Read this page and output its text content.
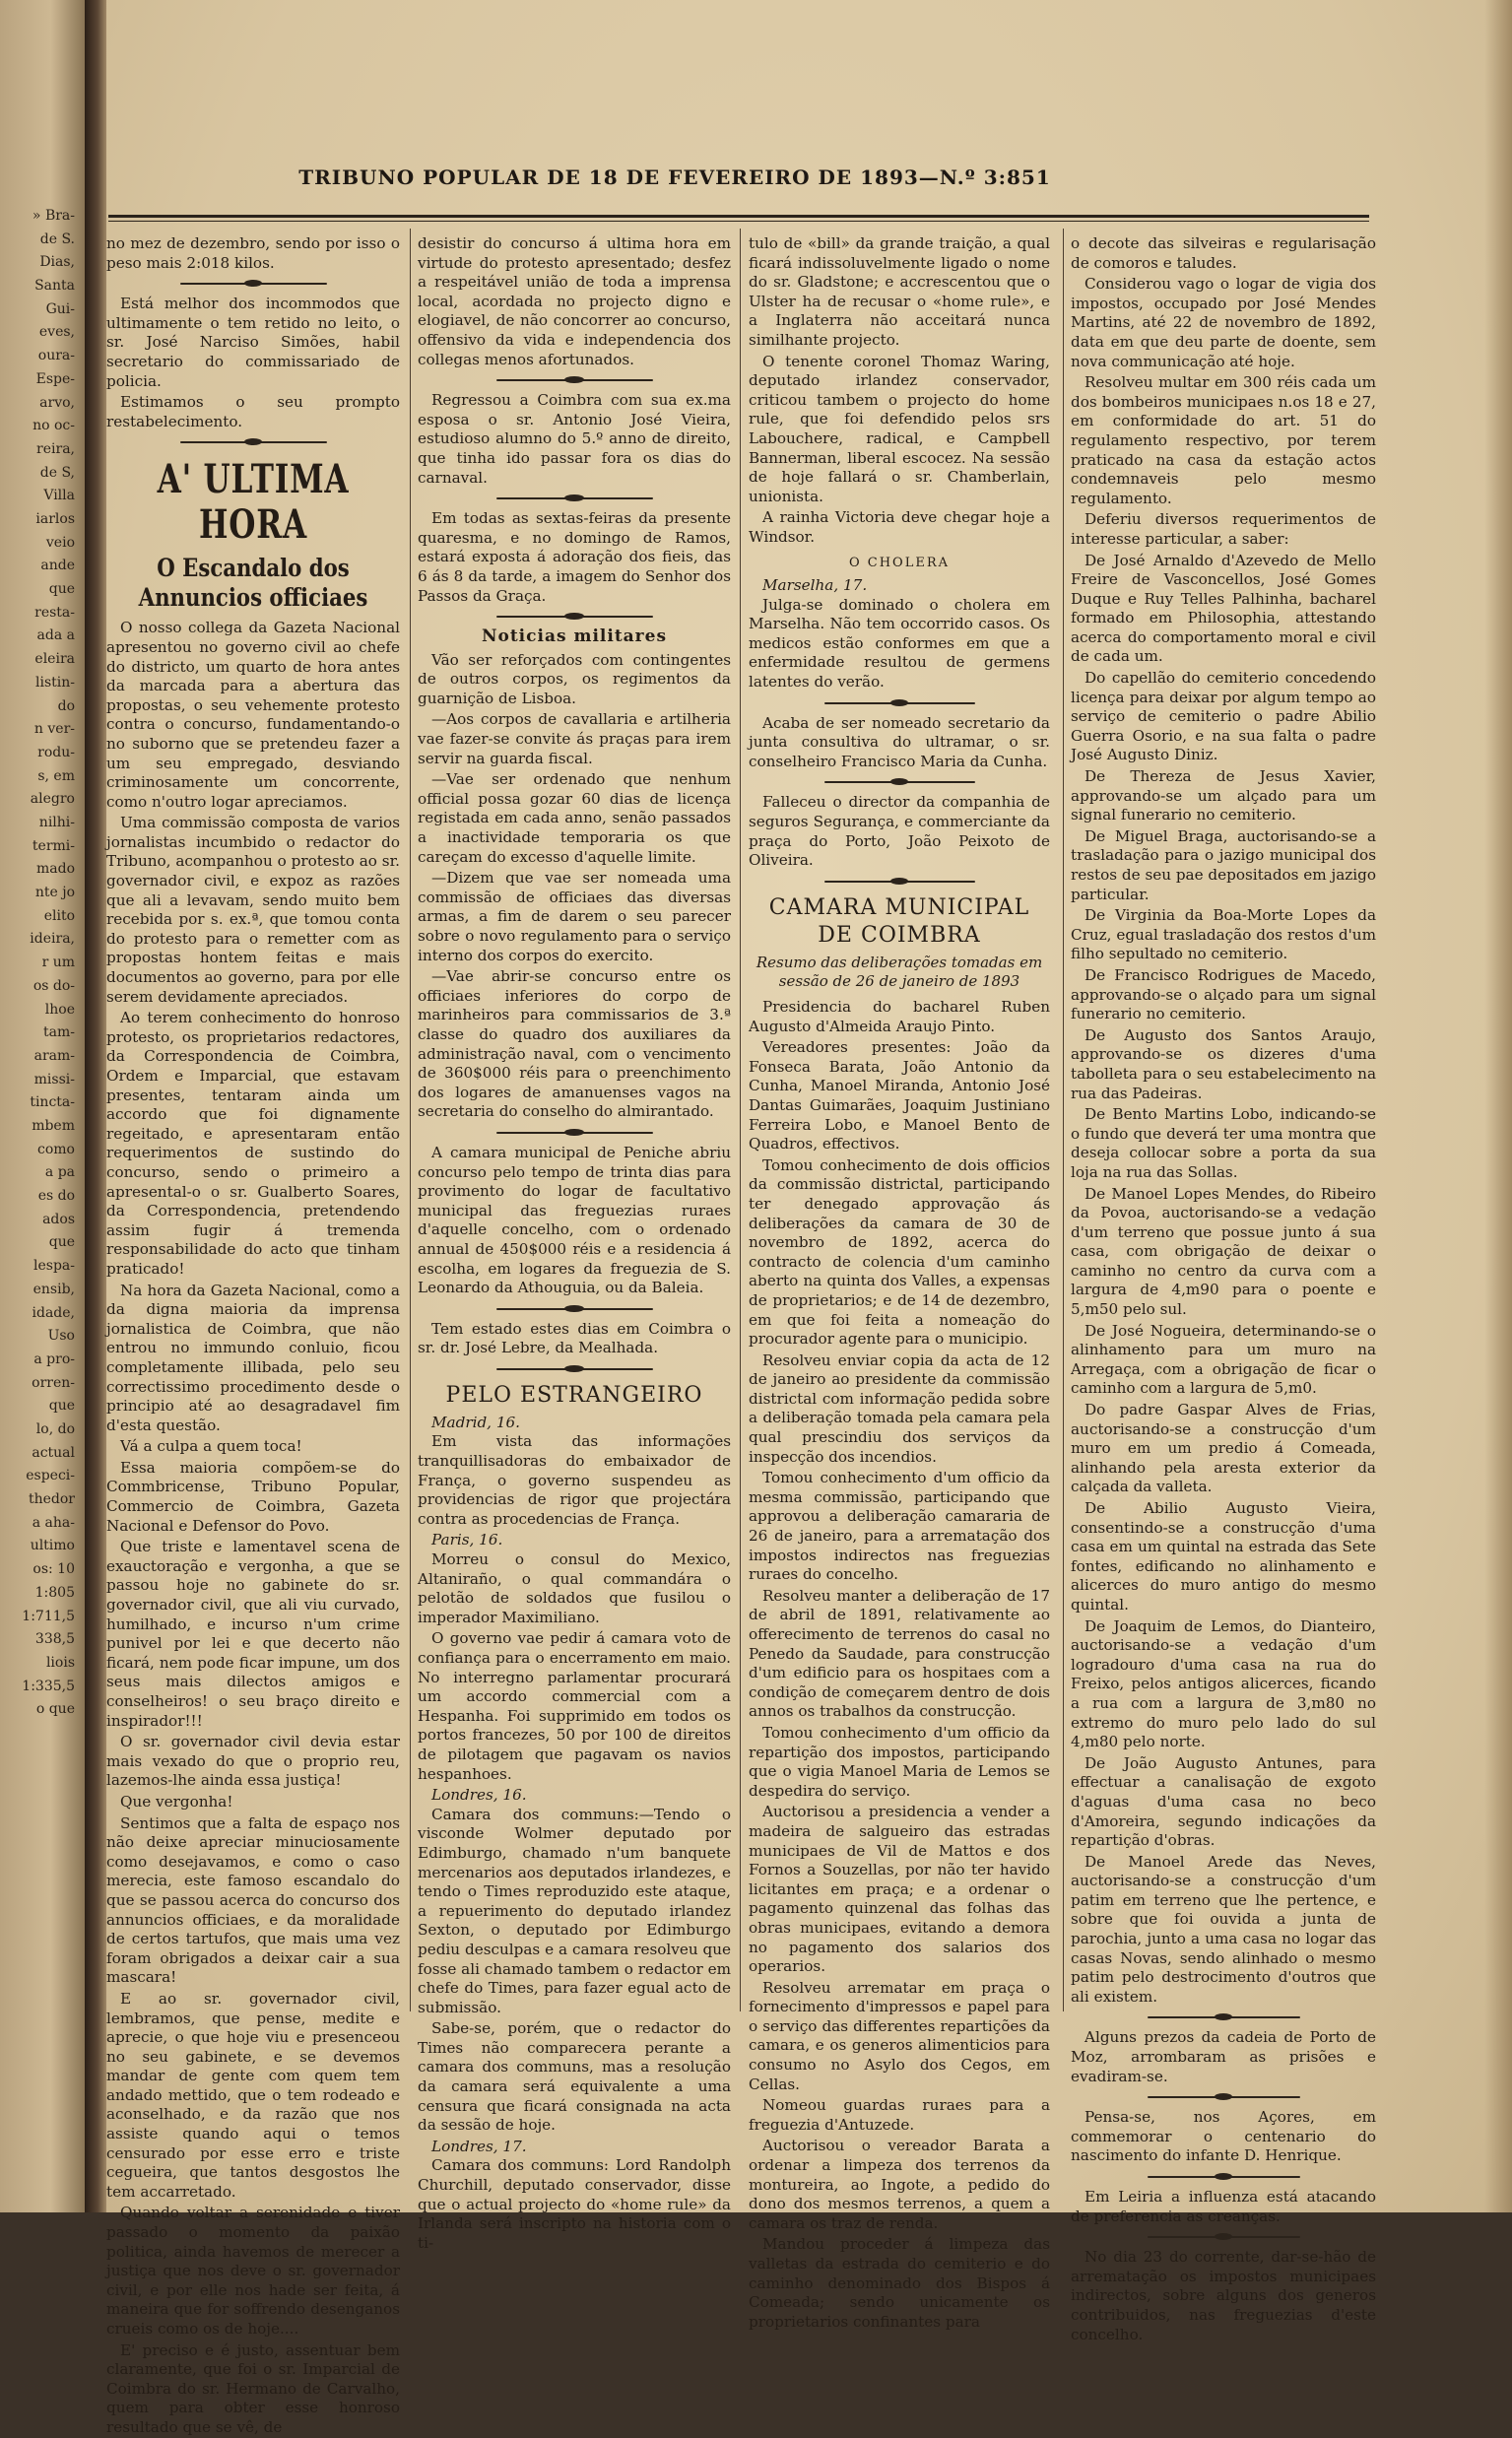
» Bra-
de S.
Dias,
Santa
Gui-
eves,
oura-
Espe-
arvo,
no oc-
reira,
de S,
Villa
iarlos
veio
ande
que
resta-
ada a
eleira
listin-
do
n ver-
rodu-
s, em
alegro
nilhi-
termi-
mado
nte jo
elito
ideira,
r um
os do-
lhoe
tam-
aram-
missi-
tincta-
mbem
como
a pa
es do
ados
que
lespa-
ensib,
idade,
Uso
a pro-
orren-
que
lo, do
actual
especi-
thedor
a aha-
ultimo
os: 10
1:805
1:711,5
338,5
liois
1:335,5
o que
TRIBUNO POPULAR DE 18 DE FEVEREIRO DE 1893—N.º 3:851

no mez de dezembro, sendo por isso o peso mais 2:018 kilos.

Está melhor dos incommodos que ultimamente o tem retido no leito, o sr. José Narciso Simões, habil secretario do commissariado de policia.

Estimamos o seu prompto restabelecimento.

A' ULTIMA HORA
O Escandalo dos Annuncios officiaes

O nosso collega da Gazeta Nacional apresentou no governo civil ao chefe do districto, um quarto de hora antes da marcada para a abertura das propostas, o seu vehemente protesto contra o concurso, fundamentando-o no suborno que se pretendeu fazer a um seu empregado, desviando criminosamente um concorrente, como n'outro logar apreciamos.

Uma commissão composta de varios jornalistas incumbido o redactor do Tribuno, acompanhou o protesto ao sr. governador civil, e expoz as razões que ali a levavam, sendo muito bem recebida por s. ex.ª, que tomou conta do protesto para o remetter com as propostas hontem feitas e mais documentos ao governo, para por elle serem devidamente apreciados.

Ao terem conhecimento do honroso protesto, os proprietarios redactores, da Correspondencia de Coimbra, Ordem e Imparcial, que estavam presentes, tentaram ainda um accordo que foi dignamente regeitado, e apresentaram então requerimentos de sustindo do concurso, sendo o primeiro a apresental-o o sr. Gualberto Soares, da Correspondencia, pretendendo assim fugir á tremenda responsabilidade do acto que tinham praticado!

Na hora da Gazeta Nacional, como a da digna maioria da imprensa jornalistica de Coimbra, que não entrou no immundo conluio, ficou completamente illibada, pelo seu correctissimo procedimento desde o principio até ao desagradavel fim d'esta questão.

Vá a culpa a quem toca!

Essa maioria compõem-se do Commbricense, Tribuno Popular, Commercio de Coimbra, Gazeta Nacional e Defensor do Povo.

Que triste e lamentavel scena de exauctoração e vergonha, a que se passou hoje no gabinete do sr. governador civil, que ali viu curvado, humilhado, e incurso n'um crime punivel por lei e que decerto não ficará, nem pode ficar impune, um dos seus mais dilectos amigos e conselheiros! o seu braço direito e inspirador!!!

O sr. governador civil devia estar mais vexado do que o proprio reu, lazemos-lhe ainda essa justiça!

Que vergonha!

Sentimos que a falta de espaço nos não deixe apreciar minuciosamente como desejavamos, e como o caso merecia, este famoso escandalo do que se passou acerca do concurso dos annuncios officiaes, e da moralidade de certos tartufos, que mais uma vez foram obrigados a deixar cair a sua mascara!

E ao sr. governador civil, lembramos, que pense, medite e aprecie, o que hoje viu e presenceou no seu gabinete, e se devemos mandar de gente com quem tem andado mettido, que o tem rodeado e aconselhado, e da razão que nos assiste quando aqui o temos censurado por esse erro e triste cegueira, que tantos desgostos lhe tem accarretado.

Quando voltar a serenidade e tiver passado o momento da paixão politica, ainda havemos de merecer a justiça que nos deve o sr. governador civil, e por elle nos hade ser feita, á maneira que for soffrendo desenganos crueis como os de hoje....

E' preciso e é justo, assentuar bem claramente, que foi o sr. Imparcial de Coimbra do sr. Hermano de Carvalho, quem para obter esse honroso resultado que se vê, de

desistir do concurso á ultima hora em virtude do protesto apresentado; desfez a respeitável união de toda a imprensa local, acordada no projecto digno e elogiavel, de não concorrer ao concurso, offensivo da vida e independencia dos collegas menos afortunados.

Regressou a Coimbra com sua ex.ma esposa o sr. Antonio José Vieira, estudioso alumno do 5.º anno de direito, que tinha ido passar fora os dias do carnaval.

Em todas as sextas-feiras da presente quaresma, e no domingo de Ramos, estará exposta á adoração dos fieis, das 6 ás 8 da tarde, a imagem do Senhor dos Passos da Graça.

Noticias militares

Vão ser reforçados com contingentes de outros corpos, os regimentos da guarnição de Lisboa.

—Aos corpos de cavallaria e artilheria vae fazer-se convite ás praças para irem servir na guarda fiscal.

—Vae ser ordenado que nenhum official possa gozar 60 dias de licença registada em cada anno, senão passados a inactividade temporaria os que careçam do excesso d'aquelle limite.

—Dizem que vae ser nomeada uma commissão de officiaes das diversas armas, a fim de darem o seu parecer sobre o novo regulamento para o serviço interno dos corpos do exercito.

—Vae abrir-se concurso entre os officiaes inferiores do corpo de marinheiros para commissarios de 3.ª classe do quadro dos auxiliares da administração naval, com o vencimento de 360$000 réis para o preenchimento dos logares de amanuenses vagos na secretaria do conselho do almirantado.

A camara municipal de Peniche abriu concurso pelo tempo de trinta dias para provimento do logar de facultativo municipal das freguezias ruraes d'aquelle concelho, com o ordenado annual de 450$000 réis e a residencia á escolha, em logares da freguezia de S. Leonardo da Athouguia, ou da Baleia.

Tem estado estes dias em Coimbra o sr. dr. José Lebre, da Mealhada.

PELO ESTRANGEIRO

Madrid, 16.

Em vista das informações tranquillisadoras do embaixador de França, o governo suspendeu as providencias de rigor que projectára contra as procedencias de França.

Paris, 16.

Morreu o consul do Mexico, Altaniraño, o qual commandára o pelotão de soldados que fusilou o imperador Maximiliano.

O governo vae pedir á camara voto de confiança para o encerramento em maio. No interregno parlamentar procurará um accordo commercial com a Hespanha. Foi supprimido em todos os portos francezes, 50 por 100 de direitos de pilotagem que pagavam os navios hespanhoes.

Londres, 16.

Camara dos communs:—Tendo o visconde Wolmer deputado por Edimburgo, chamado n'um banquete mercenarios aos deputados irlandezes, e tendo o Times reproduzido este ataque, a repuerimento do deputado irlandez Sexton, o deputado por Edimburgo pediu desculpas e a camara resolveu que fosse ali chamado tambem o redactor em chefe do Times, para fazer egual acto de submissão.

Sabe-se, porém, que o redactor do Times não comparecera perante a camara dos communs, mas a resolução da camara será equivalente a uma censura que ficará consignada na acta da sessão de hoje.

Londres, 17.

Camara dos communs: Lord Randolph Churchill, deputado conservador, disse que o actual projecto do «home rule» da Irlanda será inscripto na historia com o ti-

tulo de «bill» da grande traição, a qual ficará indissoluvelmente ligado o nome do sr. Gladstone; e accrescentou que o Ulster ha de recusar o «home rule», e a Inglaterra não acceitará nunca similhante projecto.

O tenente coronel Thomaz Waring, deputado irlandez conservador, criticou tambem o projecto do home rule, que foi defendido pelos srs Labouchere, radical, e Campbell Bannerman, liberal escocez. Na sessão de hoje fallará o sr. Chamberlain, unionista.

A rainha Victoria deve chegar hoje a Windsor.

O CHOLERA

Marselha, 17.

Julga-se dominado o cholera em Marselha. Não tem occorrido casos. Os medicos estão conformes em que a enfermidade resultou de germens latentes do verão.

Acaba de ser nomeado secretario da junta consultiva do ultramar, o sr. conselheiro Francisco Maria da Cunha.

Falleceu o director da companhia de seguros Segurança, e commerciante da praça do Porto, João Peixoto de Oliveira.

CAMARA MUNICIPAL DE COIMBRA
Resumo das deliberações tomadas em sessão de 26 de janeiro de 1893

Presidencia do bacharel Ruben Augusto d'Almeida Araujo Pinto.

Vereadores presentes: João da Fonseca Barata, João Antonio da Cunha, Manoel Miranda, Antonio José Dantas Guimarães, Joaquim Justiniano Ferreira Lobo, e Manoel Bento de Quadros, effectivos.

Tomou conhecimento de dois officios da commissão districtal, participando ter denegado approvação ás deliberações da camara de 30 de novembro de 1892, acerca do contracto de colencia d'um caminho aberto na quinta dos Valles, a expensas de proprietarios; e de 14 de dezembro, em que foi feita a nomeação do procurador agente para o municipio.

Resolveu enviar copia da acta de 12 de janeiro ao presidente da commissão districtal com informação pedida sobre a deliberação tomada pela camara pela qual prescindiu dos serviços da inspecção dos incendios.

Tomou conhecimento d'um officio da mesma commissão, participando que approvou a deliberação camararia de 26 de janeiro, para a arrematação dos impostos indirectos nas freguezias ruraes do concelho.

Resolveu manter a deliberação de 17 de abril de 1891, relativamente ao offerecimento de terrenos do casal no Penedo da Saudade, para construcção d'um edificio para os hospitaes com a condição de começarem dentro de dois annos os trabalhos da construcção.

Tomou conhecimento d'um officio da repartição dos impostos, participando que o vigia Manoel Maria de Lemos se despedira do serviço.

Auctorisou a presidencia a vender a madeira de salgueiro das estradas municipaes de Vil de Mattos e dos Fornos a Souzellas, por não ter havido licitantes em praça; e a ordenar o pagamento quinzenal das folhas das obras municipaes, evitando a demora no pagamento dos salarios dos operarios.

Resolveu arrematar em praça o fornecimento d'impressos e papel para o serviço das differentes repartições da camara, e os generos alimenticios para consumo no Asylo dos Cegos, em Cellas.

Nomeou guardas ruraes para a freguezia d'Antuzede.

Auctorisou o vereador Barata a ordenar a limpeza dos terrenos da montureira, ao Ingote, a pedido do dono dos mesmos terrenos, a quem a camara os traz de renda.

Mandou proceder á limpeza das valletas da estrada do cemiterio e do caminho denominado dos Bispos á Comeada; sendo unicamente os proprietarios confinantes para

o decote das silveiras e regularisação de comoros e taludes.

Considerou vago o logar de vigia dos impostos, occupado por José Mendes Martins, até 22 de novembro de 1892, data em que deu parte de doente, sem nova communicação até hoje.

Resolveu multar em 300 réis cada um dos bombeiros municipaes n.os 18 e 27, em conformidade do art. 51 do regulamento respectivo, por terem praticado na casa da estação actos condemnaveis pelo mesmo regulamento.

Deferiu diversos requerimentos de interesse particular, a saber:

De José Arnaldo d'Azevedo de Mello Freire de Vasconcellos, José Gomes Duque e Ruy Telles Palhinha, bacharel formado em Philosophia, attestando acerca do comportamento moral e civil de cada um.

Do capellão do cemiterio concedendo licença para deixar por algum tempo ao serviço de cemiterio o padre Abilio Guerra Osorio, e na sua falta o padre José Augusto Diniz.

De Thereza de Jesus Xavier, approvando-se um alçado para um signal funerario no cemiterio.

De Miguel Braga, auctorisando-se a trasladação para o jazigo municipal dos restos de seu pae depositados em jazigo particular.

De Virginia da Boa-Morte Lopes da Cruz, egual trasladação dos restos d'um filho sepultado no cemiterio.

De Francisco Rodrigues de Macedo, approvando-se o alçado para um signal funerario no cemiterio.

De Augusto dos Santos Araujo, approvando-se os dizeres d'uma tabolleta para o seu estabelecimento na rua das Padeiras.

De Bento Martins Lobo, indicando-se o fundo que deverá ter uma montra que deseja collocar sobre a porta da sua loja na rua das Sollas.

De Manoel Lopes Mendes, do Ribeiro da Povoa, auctorisando-se a vedação d'um terreno que possue junto á sua casa, com obrigação de deixar o caminho no centro da curva com a largura de 4,m90 para o poente e 5,m50 pelo sul.

De José Nogueira, determinando-se o alinhamento para um muro na Arregaça, com a obrigação de ficar o caminho com a largura de 5,m0.

Do padre Gaspar Alves de Frias, auctorisando-se a construcção d'um muro em um predio á Comeada, alinhando pela aresta exterior da calçada da valleta.

De Abilio Augusto Vieira, consentindo-se a construcção d'uma casa em um quintal na estrada das Sete fontes, edificando no alinhamento e alicerces do muro antigo do mesmo quintal.

De Joaquim de Lemos, do Dianteiro, auctorisando-se a vedação d'um logradouro d'uma casa na rua do Freixo, pelos antigos alicerces, ficando a rua com a largura de 3,m80 no extremo do muro pelo lado do sul 4,m80 pelo norte.

De João Augusto Antunes, para effectuar a canalisação de exgoto d'aguas d'uma casa no beco d'Amoreira, segundo indicações da repartição d'obras.

De Manoel Arede das Neves, auctorisando-se a construcção d'um patim em terreno que lhe pertence, e sobre que foi ouvida a junta de parochia, junto a uma casa no logar das casas Novas, sendo alinhado o mesmo patim pelo destrocimento d'outros que ali existem.

Alguns prezos da cadeia de Porto de Moz, arrombaram as prisões e evadiram-se.

Pensa-se, nos Açores, em commemorar o centenario do nascimento do infante D. Henrique.

Em Leiria a influenza está atacando de preferencia as creanças.

No dia 23 do corrente, dar-se-hão de arrematação os impostos municipaes indirectos, sobre alguns dos generos contribuidos, nas freguezias d'este concelho.
